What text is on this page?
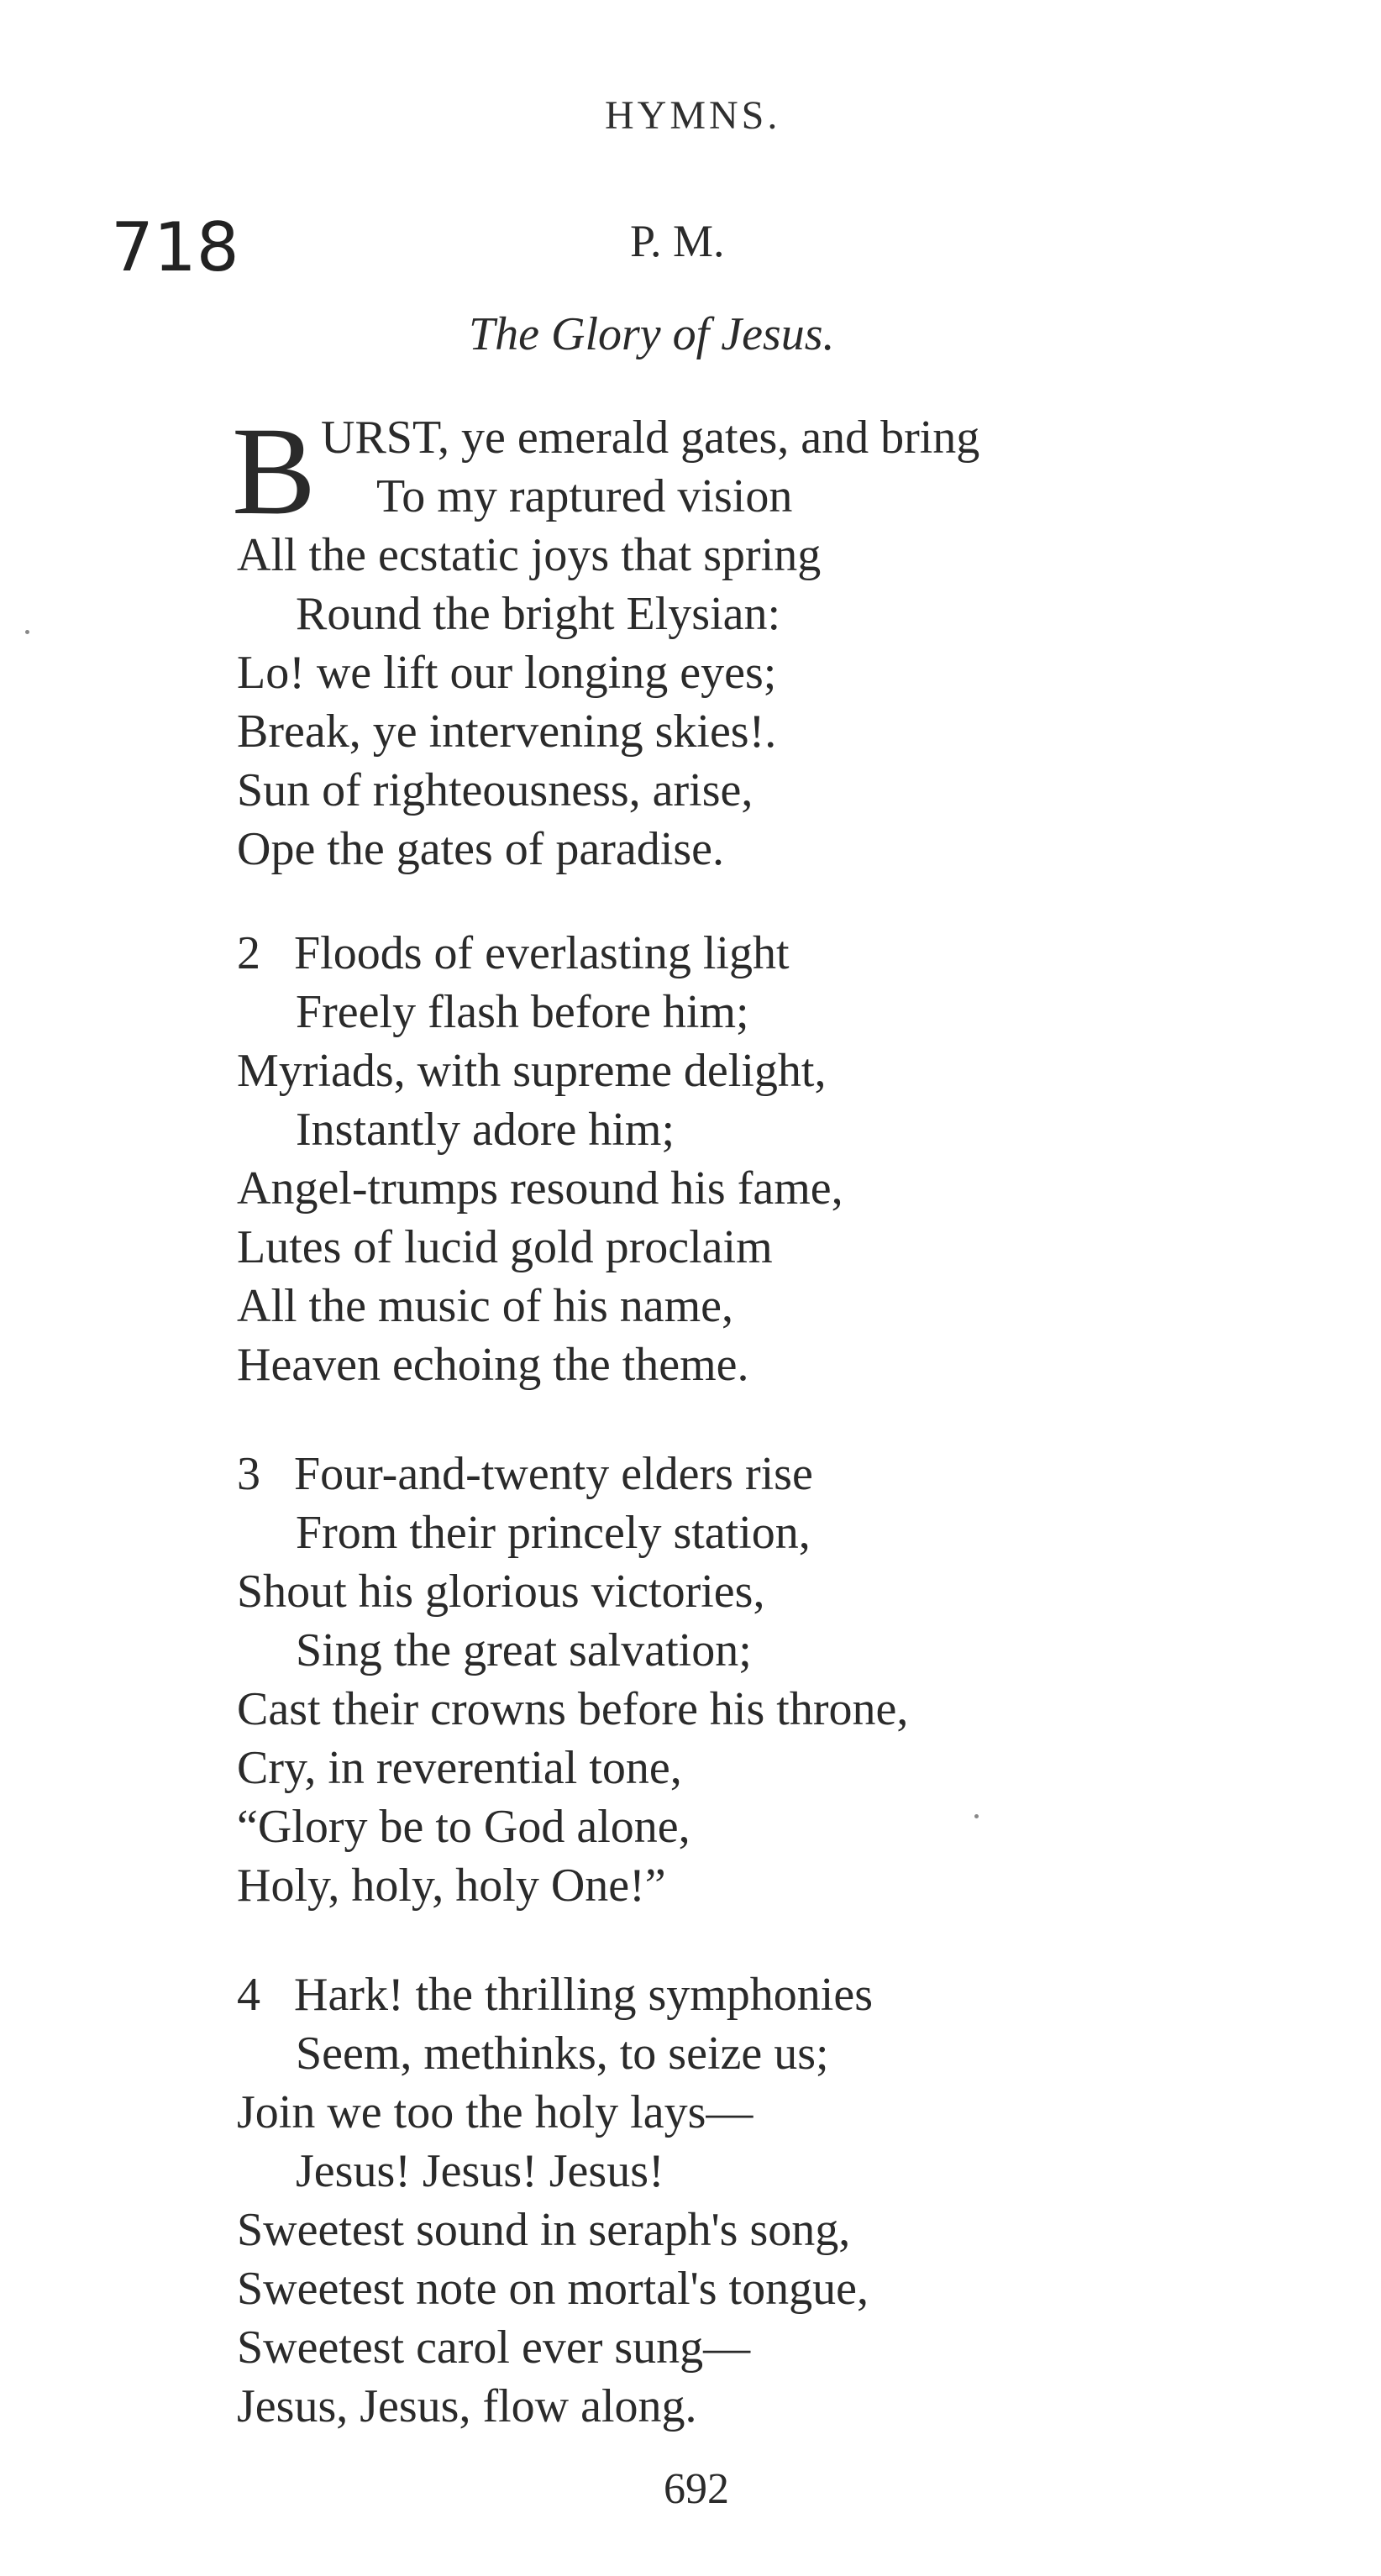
HYMNS.
718	P. M.
The Glory of Jesus.
B URST, ye emerald gates, and bring
To my raptured vision
All the ecstatic joys that spring
Round the bright Elysian:
Lo! we lift our longing eyes;
Break, ye intervening skies!.
Sun of righteousness, arise,
Ope the gates of paradise.
2 Floods of everlasting light
Freely flash before him;
Myriads, with supreme delight,
Instantly adore him;
Angel-trumps resound his fame,
Lutes of lucid gold proclaim
All the music of his name,
Heaven echoing the theme.
3 Four-and-twenty elders rise
From their princely station,
Shout his glorious victories,
Sing the great salvation;
Cast their crowns before his throne,
Cry, in reverential tone,
“Glory be to God alone,
Holy, holy, holy One!”
4 Hark! the thrilling symphonies
Seem, methinks, to seize us;
Join we too the holy lays—
Jesus! Jesus! Jesus!
Sweetest sound in seraph's song,
Sweetest note on mortal's tongue,
Sweetest carol ever sung—
Jesus, Jesus, flow along.
692
